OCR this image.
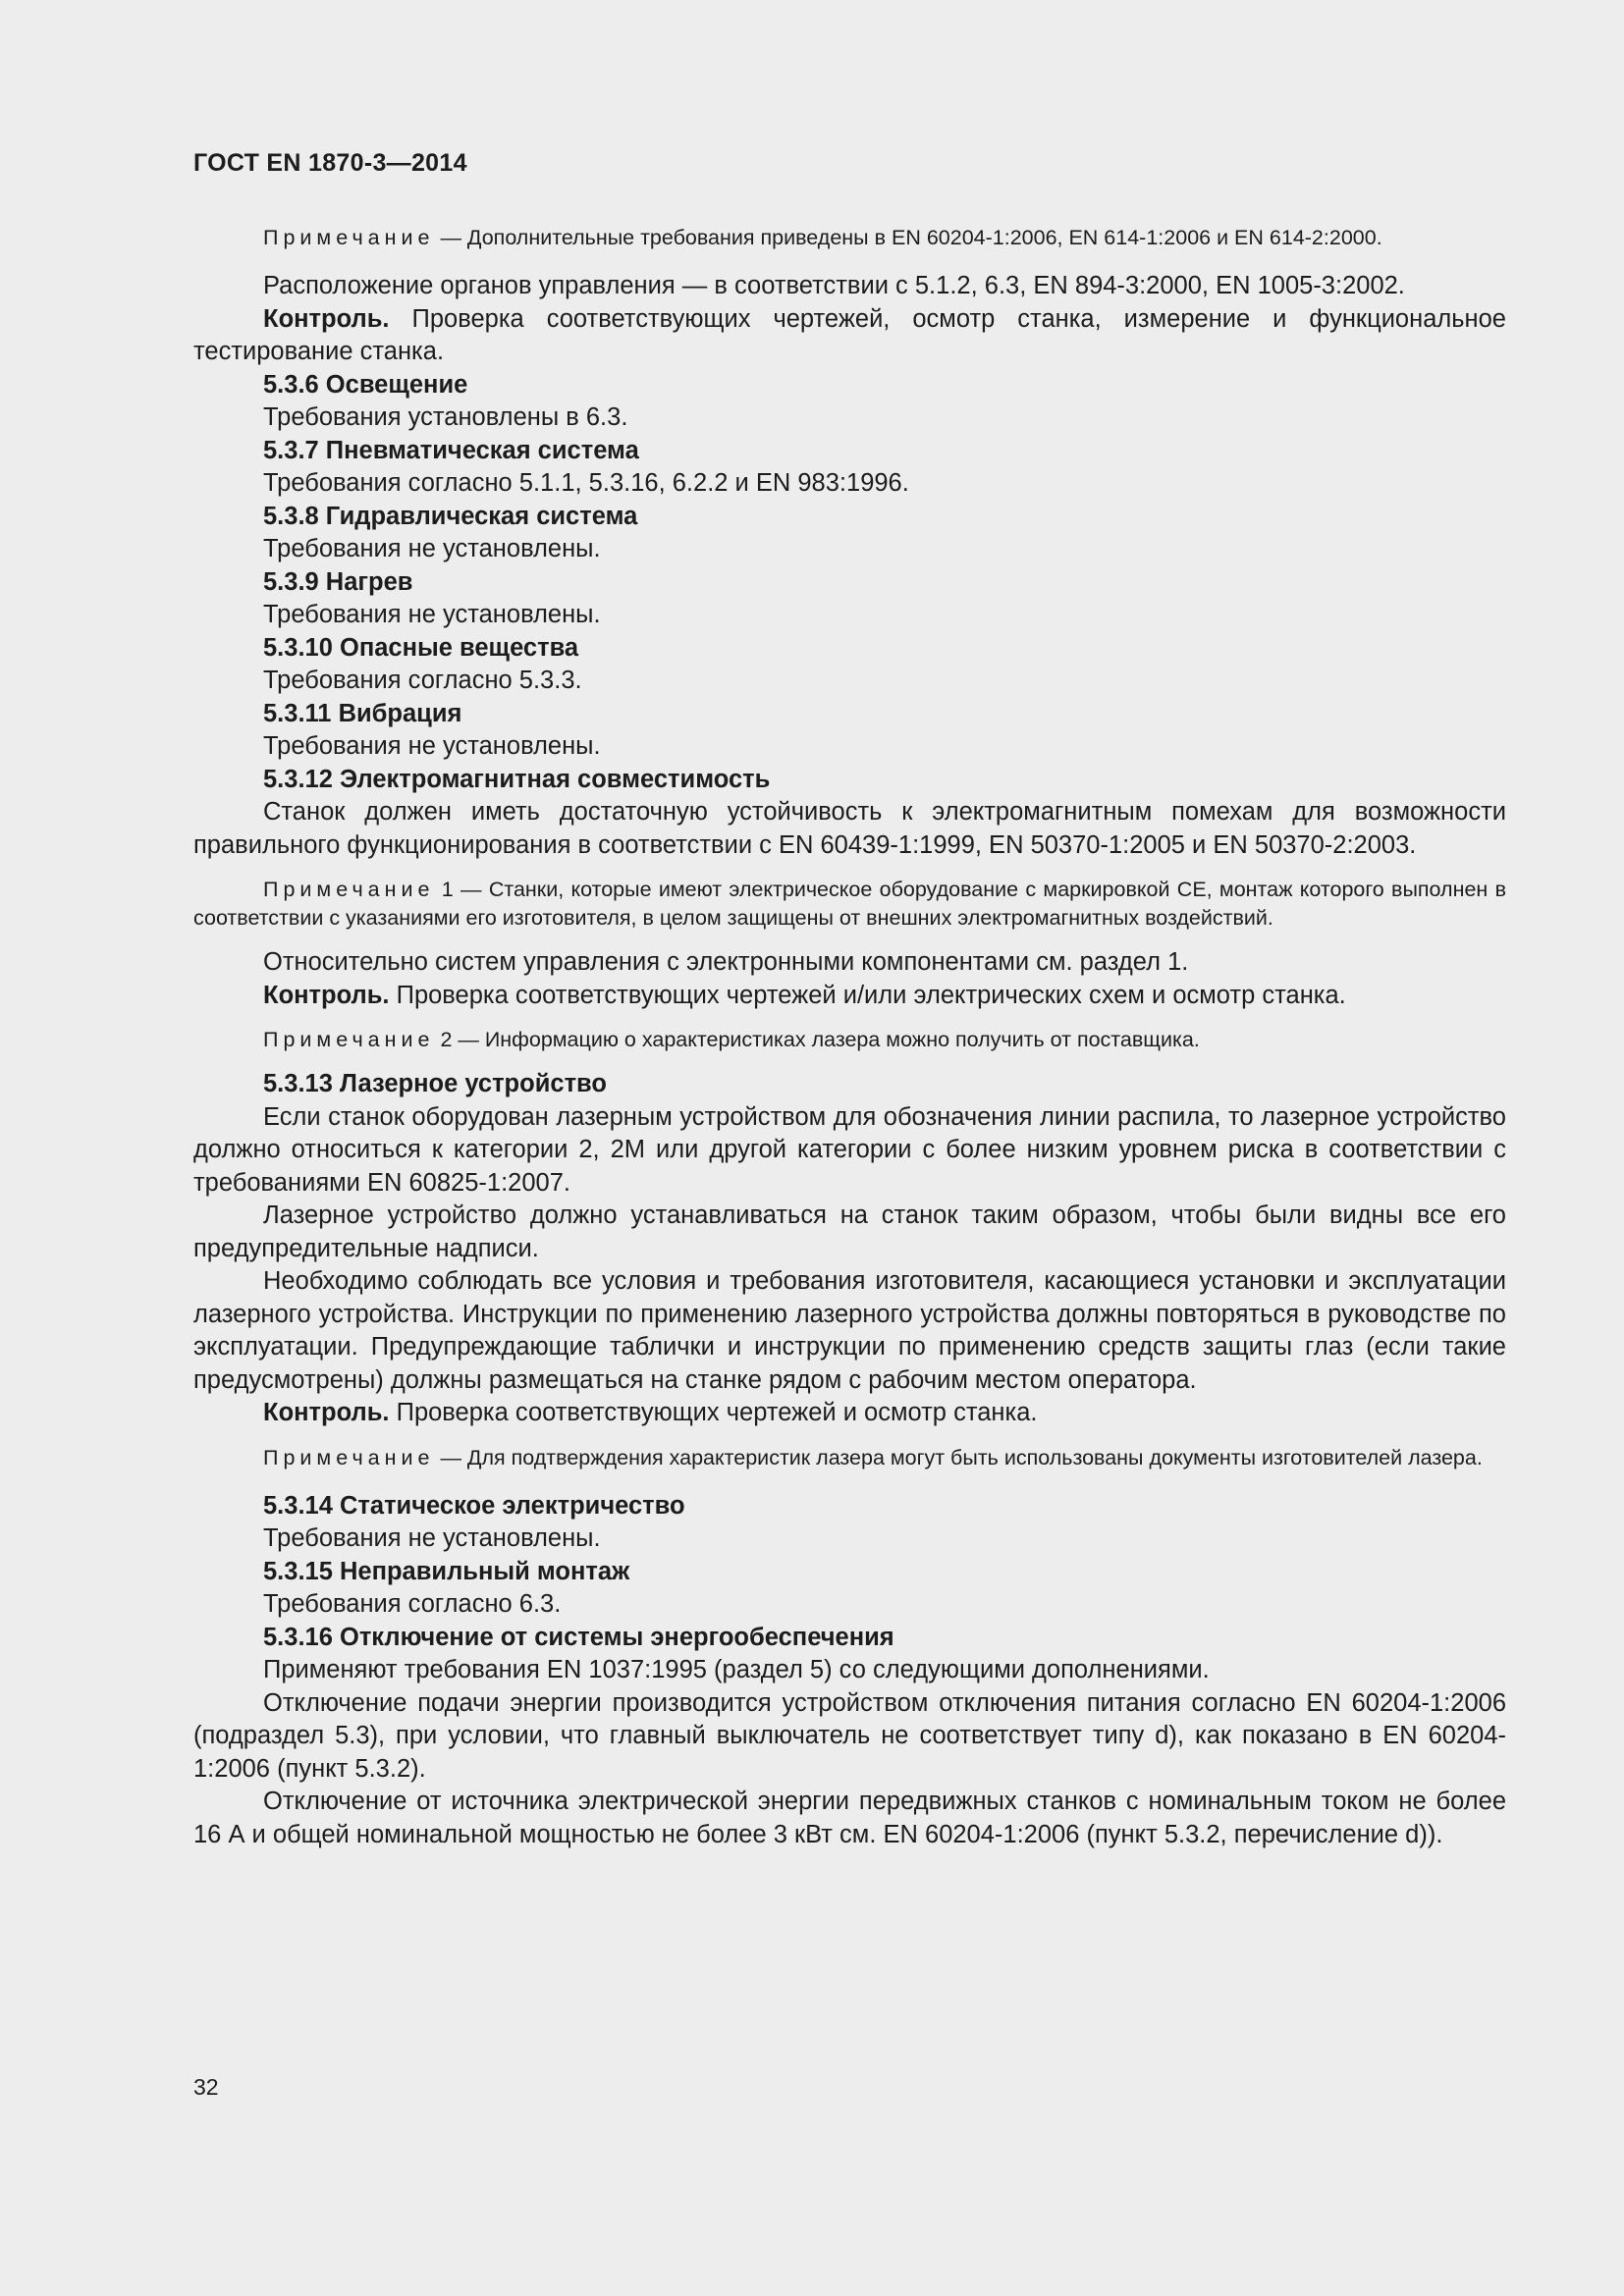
ГОСТ EN 1870-3—2014

Примечание — Дополнительные требования приведены в EN 60204-1:2006, EN 614-1:2006 и EN 614-2:2000.

Расположение органов управления — в соответствии с 5.1.2, 6.3, EN 894-3:2000, EN 1005-3:2002.

Контроль. Проверка соответствующих чертежей, осмотр станка, измерение и функциональное тестирование станка.

5.3.6 Освещение

Требования установлены в 6.3.

5.3.7 Пневматическая система

Требования согласно 5.1.1, 5.3.16, 6.2.2 и EN 983:1996.

5.3.8 Гидравлическая система

Требования не установлены.

5.3.9 Нагрев

Требования не установлены.

5.3.10 Опасные вещества

Требования согласно 5.3.3.

5.3.11 Вибрация

Требования не установлены.

5.3.12 Электромагнитная совместимость

Станок должен иметь достаточную устойчивость к электромагнитным помехам для возможности правильного функционирования в соответствии с EN 60439-1:1999, EN 50370-1:2005 и EN 50370-2:2003.

Примечание 1 — Станки, которые имеют электрическое оборудование с маркировкой CE, монтаж которого выполнен в соответствии с указаниями его изготовителя, в целом защищены от внешних электромагнитных воздействий.

Относительно систем управления с электронными компонентами см. раздел 1.

Контроль. Проверка соответствующих чертежей и/или электрических схем и осмотр станка.

Примечание 2 — Информацию о характеристиках лазера можно получить от поставщика.

5.3.13 Лазерное устройство

Если станок оборудован лазерным устройством для обозначения линии распила, то лазерное устройство должно относиться к категории 2, 2M или другой категории с более низким уровнем риска в соответствии с требованиями EN 60825-1:2007.

Лазерное устройство должно устанавливаться на станок таким образом, чтобы были видны все его предупредительные надписи.

Необходимо соблюдать все условия и требования изготовителя, касающиеся установки и эксплуатации лазерного устройства. Инструкции по применению лазерного устройства должны повторяться в руководстве по эксплуатации. Предупреждающие таблички и инструкции по применению средств защиты глаз (если такие предусмотрены) должны размещаться на станке рядом с рабочим местом оператора.

Контроль. Проверка соответствующих чертежей и осмотр станка.

Примечание — Для подтверждения характеристик лазера могут быть использованы документы изготовителей лазера.

5.3.14 Статическое электричество

Требования не установлены.

5.3.15 Неправильный монтаж

Требования согласно 6.3.

5.3.16 Отключение от системы энергообеспечения

Применяют требования EN 1037:1995 (раздел 5) со следующими дополнениями.

Отключение подачи энергии производится устройством отключения питания согласно EN 60204-1:2006 (подраздел 5.3), при условии, что главный выключатель не соответствует типу d), как показано в EN 60204-1:2006 (пункт 5.3.2).

Отключение от источника электрической энергии передвижных станков с номинальным током не более 16 А и общей номинальной мощностью не более 3 кВт см. EN 60204-1:2006 (пункт 5.3.2, перечисление d)).

32
